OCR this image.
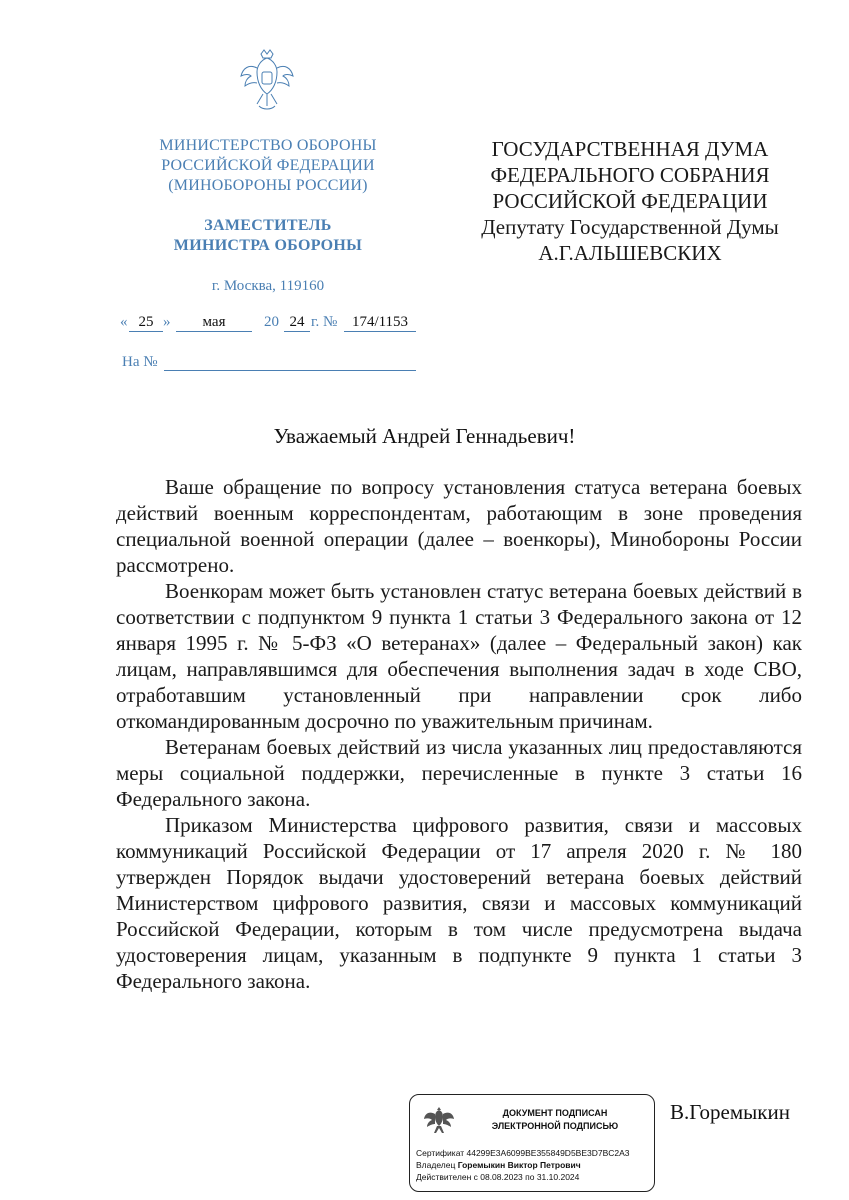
МИНИСТЕРСТВО ОБОРОНЫ
РОССИЙСКОЙ ФЕДЕРАЦИИ
(МИНОБОРОНЫ РОССИИ)
ЗАМЕСТИТЕЛЬ
МИНИСТРА ОБОРОНЫ
г. Москва, 119160
« 25 »	мая	20 24 г. № 174/1153
На №
ГОСУДАРСТВЕННАЯ ДУМА
ФЕДЕРАЛЬНОГО СОБРАНИЯ
РОССИЙСКОЙ ФЕДЕРАЦИИ
Депутату Государственной Думы
А.Г.АЛЬШЕВСКИХ
Уважаемый Андрей Геннадьевич!

Ваше обращение по вопросу установления статуса ветерана боевых действий военным корреспондентам, работающим в зоне проведения специальной военной операции (далее – военкоры), Минобороны России рассмотрено.

Военкорам может быть установлен статус ветерана боевых действий в соответствии с подпунктом 9 пункта 1 статьи 3 Федерального закона от 12 января 1995 г. № 5-ФЗ «О ветеранах» (далее – Федеральный закон) как лицам, направлявшимся для обеспечения выполнения задач в ходе СВО, отработавшим установленный при направлении срок либо откомандированным досрочно по уважительным причинам.

Ветеранам боевых действий из числа указанных лиц предоставляются меры социальной поддержки, перечисленные в пункте 3 статьи 16 Федерального закона.

Приказом Министерства цифрового развития, связи и массовых коммуникаций Российской Федерации от 17 апреля 2020 г. № 180 утвержден Порядок выдачи удостоверений ветерана боевых действий Министерством цифрового развития, связи и массовых коммуникаций Российской Федерации, которым в том числе предусмотрена выдача удостоверения лицам, указанным в подпункте 9 пункта 1 статьи 3 Федерального закона.

ДОКУМЕНТ ПОДПИСАН
ЭЛЕКТРОННОЙ ПОДПИСЬЮ
Сертификат 44299E3A6099BE355849D5BE3D7BC2A3
Владелец Горемыкин Виктор Петрович
Действителен с 08.08.2023 по 31.10.2024
В.Горемыкин
